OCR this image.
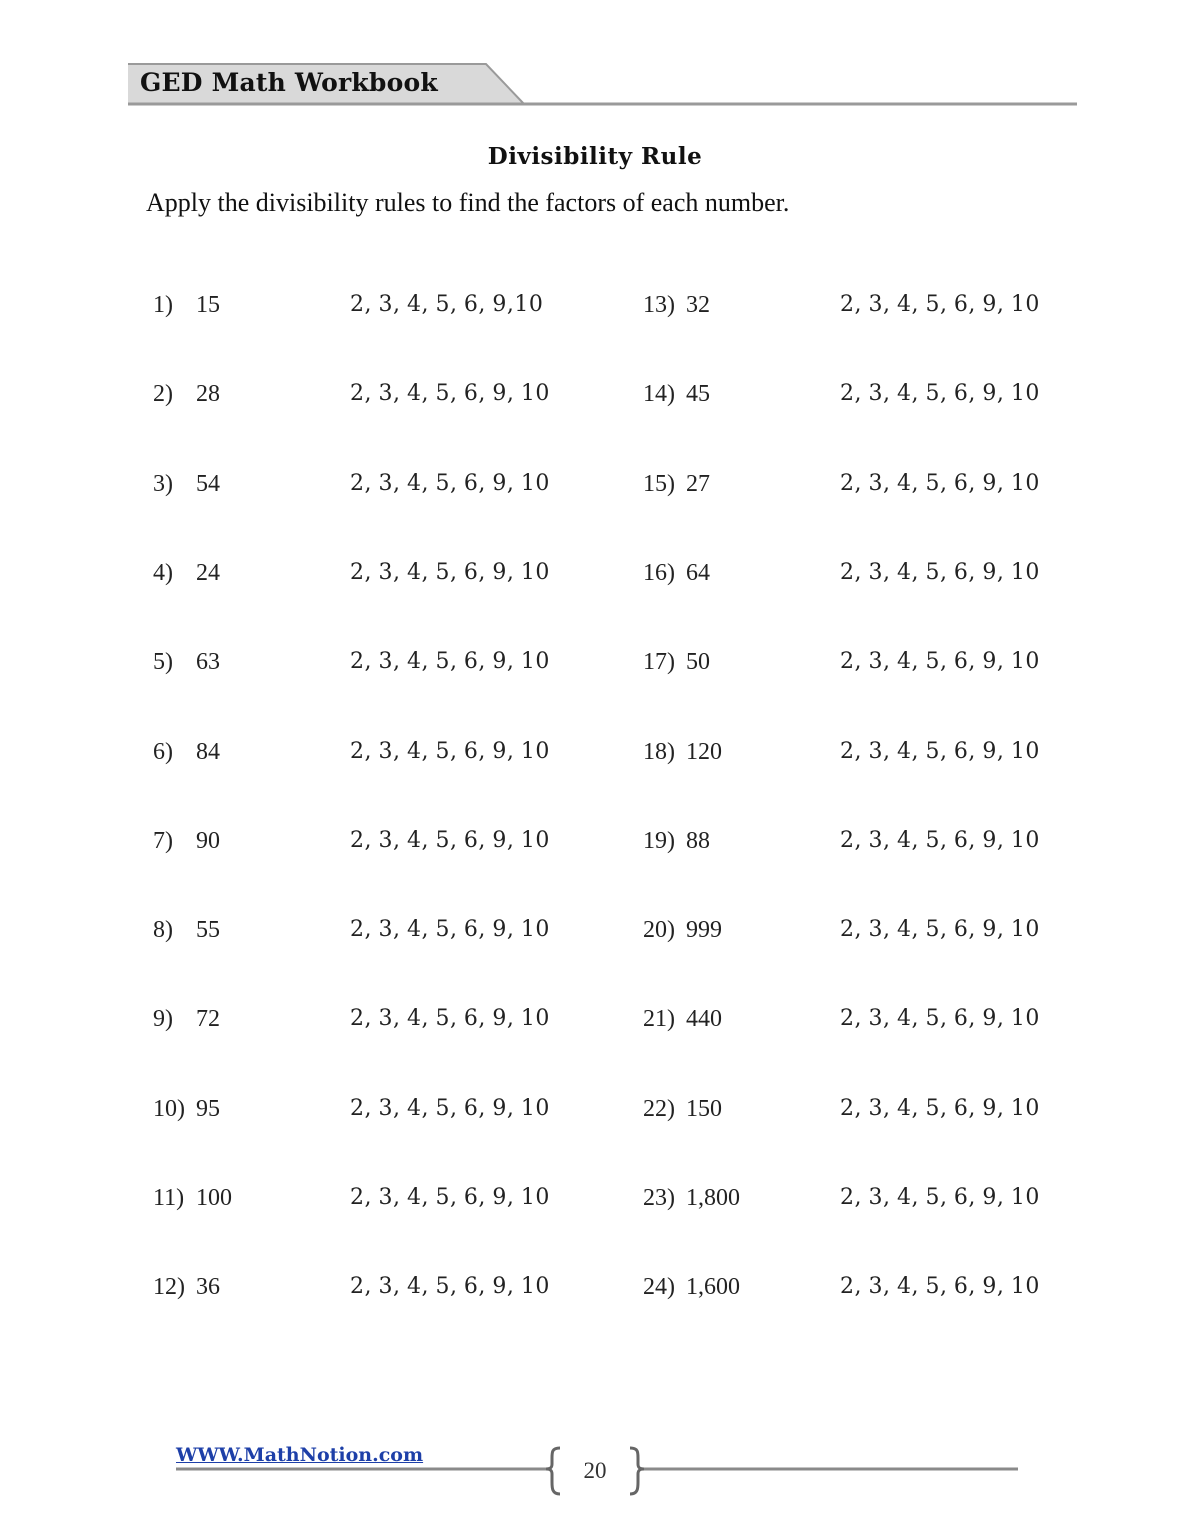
GED Math Workbook
Divisibility Rule
Apply the divisibility rules to find the factors of each number.
1) 15	2, 3, 4, 5, 6, 9,10
2) 28	2, 3, 4, 5, 6, 9, 10
3) 54	2, 3, 4, 5, 6, 9, 10
4) 24	2, 3, 4, 5, 6, 9, 10
5) 63	2, 3, 4, 5, 6, 9, 10
6) 84	2, 3, 4, 5, 6, 9, 10
7) 90	2, 3, 4, 5, 6, 9, 10
8) 55	2, 3, 4, 5, 6, 9, 10
9) 72	2, 3, 4, 5, 6, 9, 10
10) 95	2, 3, 4, 5, 6, 9, 10
11) 100	2, 3, 4, 5, 6, 9, 10
12) 36	2, 3, 4, 5, 6, 9, 10
13) 32	2, 3, 4, 5, 6, 9, 10
14) 45	2, 3, 4, 5, 6, 9, 10
15) 27	2, 3, 4, 5, 6, 9, 10
16) 64	2, 3, 4, 5, 6, 9, 10
17) 50	2, 3, 4, 5, 6, 9, 10
18) 120	2, 3, 4, 5, 6, 9, 10
19) 88	2, 3, 4, 5, 6, 9, 10
20) 999	2, 3, 4, 5, 6, 9, 10
21) 440	2, 3, 4, 5, 6, 9, 10
22) 150	2, 3, 4, 5, 6, 9, 10
23) 1,800	2, 3, 4, 5, 6, 9, 10
24) 1,600	2, 3, 4, 5, 6, 9, 10
WWW.MathNotion.com
20
